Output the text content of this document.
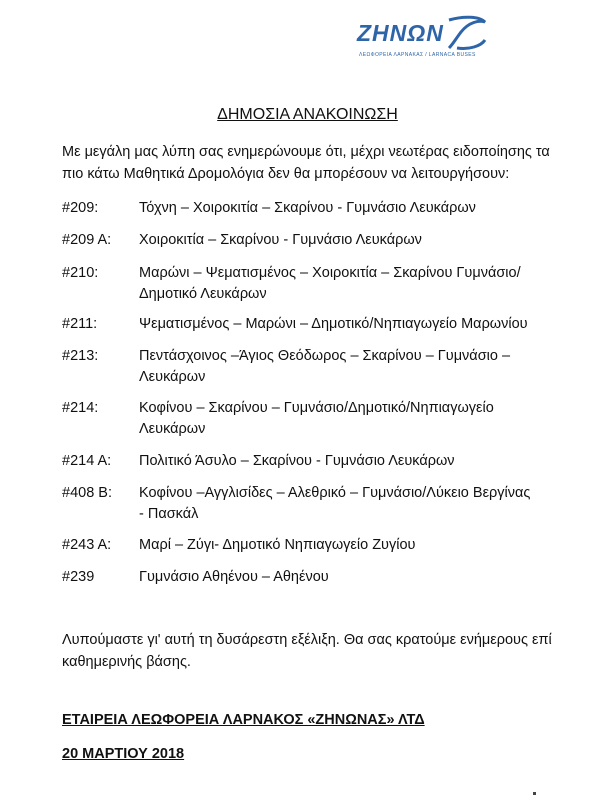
ΖΗΝΩΝ
ΛΕΩΦΟΡΕΙΑ ΛΑΡΝΑΚΑΣ / LARNACA BUSES
ΔΗΜΟΣΙΑ ΑΝΑΚΟΙΝΩΣΗ
Με μεγάλη μας λύπη σας ενημερώνουμε ότι, μέχρι νεωτέρας ειδοποίησης τα πιο κάτω Μαθητικά Δρομολόγια δεν θα μπορέσουν να λειτουργήσουν:
#209:	Τόχνη – Χοιροκιτία – Σκαρίνου - Γυμνάσιο Λευκάρων
#209 Α:	Χοιροκιτία – Σκαρίνου - Γυμνάσιο Λευκάρων
#210:	Μαρώνι – Ψεματισμένος – Χοιροκιτία – Σκαρίνου Γυμνάσιο/Δημοτικό Λευκάρων
#211:	Ψεματισμένος – Μαρώνι – Δημοτικό/Νηπιαγωγείο Μαρωνίου
#213:	Πεντάσχοινος –Άγιος Θεόδωρος – Σκαρίνου – Γυμνάσιο – Λευκάρων
#214:	Κοφίνου – Σκαρίνου – Γυμνάσιο/Δημοτικό/Νηπιαγωγείο Λευκάρων
#214 Α:	Πολιτικό Άσυλο – Σκαρίνου - Γυμνάσιο Λευκάρων
#408 Β:	Κοφίνου –Αγγλισίδες – Αλεθρικό – Γυμνάσιο/Λύκειο Βεργίνας - Πασκάλ
#243 Α:	Μαρί – Ζύγι- Δημοτικό Νηπιαγωγείο Ζυγίου
#239	Γυμνάσιο Αθηένου – Αθηένου
Λυπούμαστε γι' αυτή τη δυσάρεστη εξέλιξη. Θα σας κρατούμε ενήμερους επί καθημερινής βάσης.
ΕΤΑΙΡΕΙΑ ΛΕΩΦΟΡΕΙΑ ΛΑΡΝΑΚΟΣ «ΖΗΝΩΝΑΣ» ΛΤΔ
20 ΜΑΡΤΙΟΥ 2018
